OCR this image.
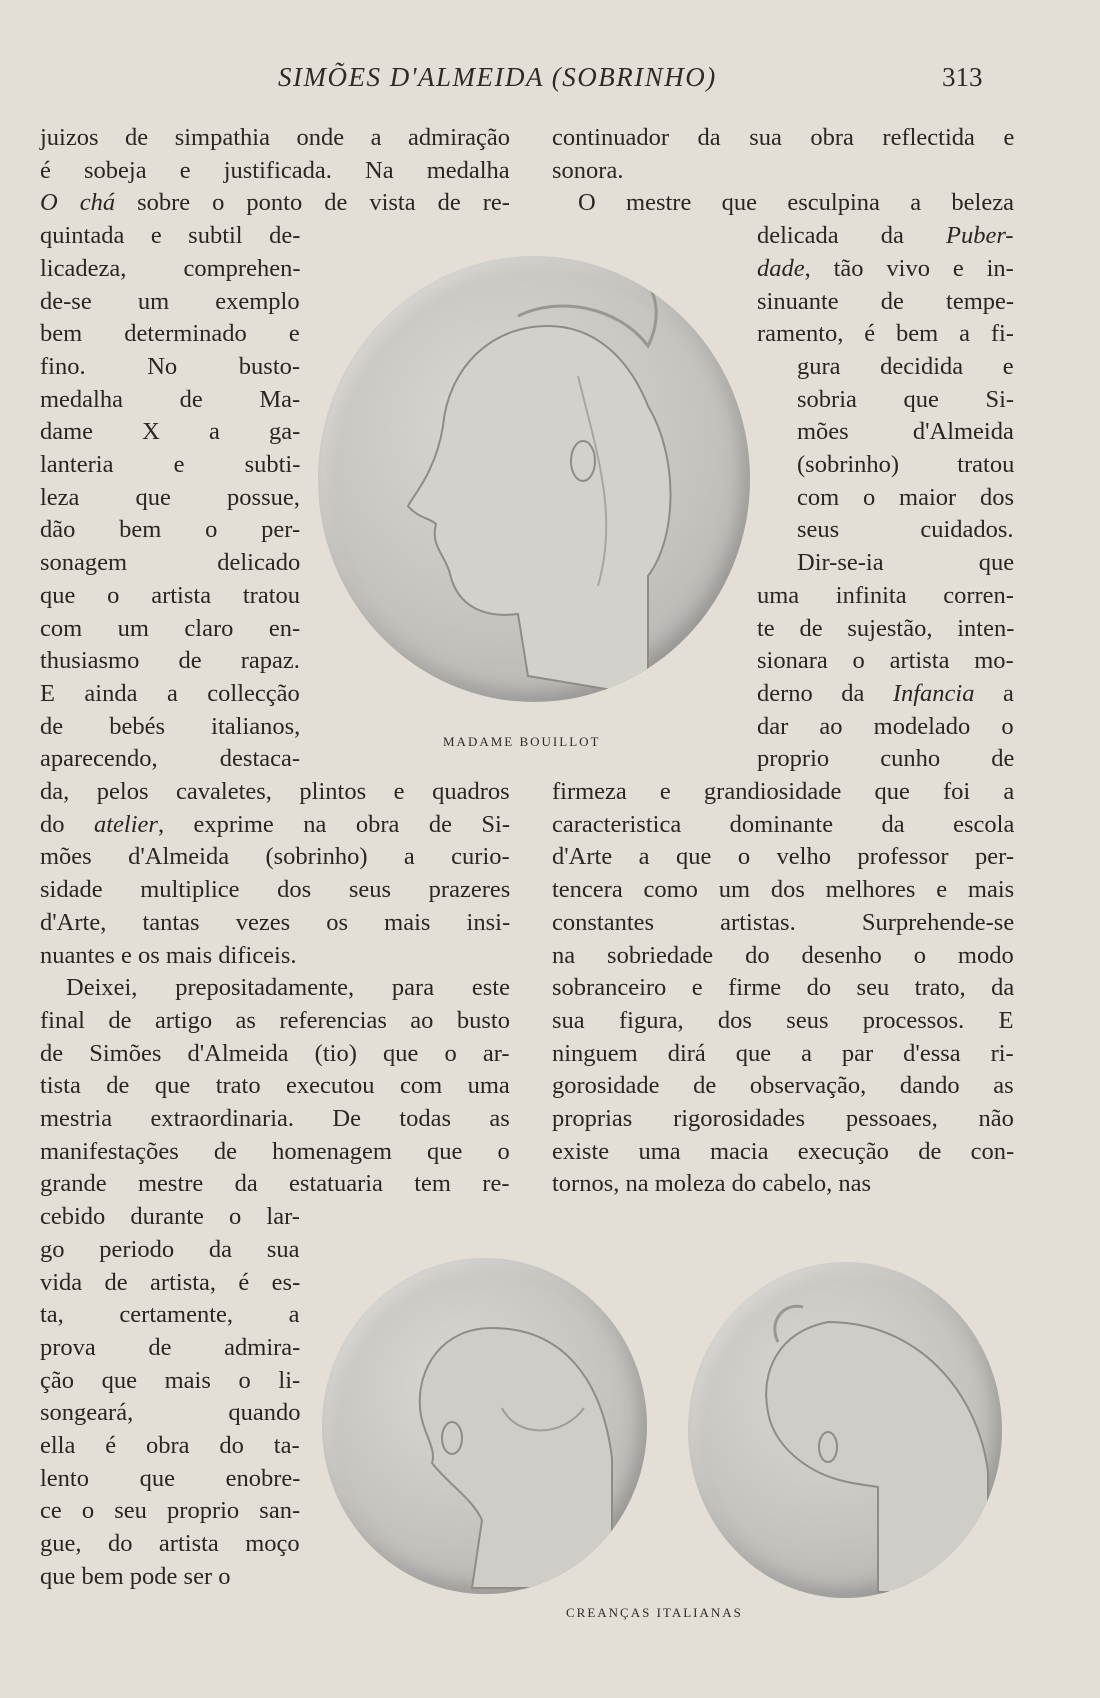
SIMÕES D'ALMEIDA (SOBRINHO)	313
juizos de simpathia onde a admiração
é sobeja e justificada. Na medalha
O chá sobre o ponto de vista de re-
quintada e subtil de-
licadeza, comprehen-
de-se um exemplo
bem determinado e
fino. No busto-
medalha de Ma-
dame X a ga-
lanteria e subti-
leza que possue,
dão bem o per-
sonagem delicado
que o artista tratou
com um claro en-
thusiasmo de rapaz.
E ainda a collecção
de bebés italianos,
aparecendo, destaca-
da, pelos cavaletes, plintos e quadros
do atelier, exprime na obra de Si-
mões d'Almeida (sobrinho) a curio-
sidade multiplice dos seus prazeres
d'Arte, tantas vezes os mais insi-
nuantes e os mais dificeis.
Deixei, prepositadamente, para este
final de artigo as referencias ao busto
de Simões d'Almeida (tio) que o ar-
tista de que trato executou com uma
mestria extraordinaria. De todas as
manifestações de homenagem que o
grande mestre da estatuaria tem re-
cebido durante o lar-
go periodo da sua
vida de artista, é es-
ta, certamente, a
prova de admira-
ção que mais o li-
songeará, quando
ella é obra do ta-
lento que enobre-
ce o seu proprio san-
gue, do artista moço
que bem pode ser o
continuador da sua obra reflectida e
sonora.
O mestre que esculpina a beleza
delicada da Puber-
dade, tão vivo e in-
sinuante de tempe-
ramento, é bem a fi-
gura decidida e
sobria que Si-
mões d'Almeida
(sobrinho) tratou
com o maior dos
seus cuidados.
Dir-se-ia que
uma infinita corren-
te de sujestão, inten-
sionara o artista mo-
derno da Infancia a
dar ao modelado o
proprio cunho de
firmeza e grandiosidade que foi a
caracteristica dominante da escola
d'Arte a que o velho professor per-
tencera como um dos melhores e mais
constantes artistas. Surprehende-se
na sobriedade do desenho o modo
sobranceiro e firme do seu trato, da
sua figura, dos seus processos. E
ninguem dirá que a par d'essa ri-
gorosidade de observação, dando as
proprias rigorosidades pessoaes, não
existe uma macia execução de con-
tornos, na moleza do cabelo, nas
MADAME BOUILLOT
CREANÇAS ITALIANAS
